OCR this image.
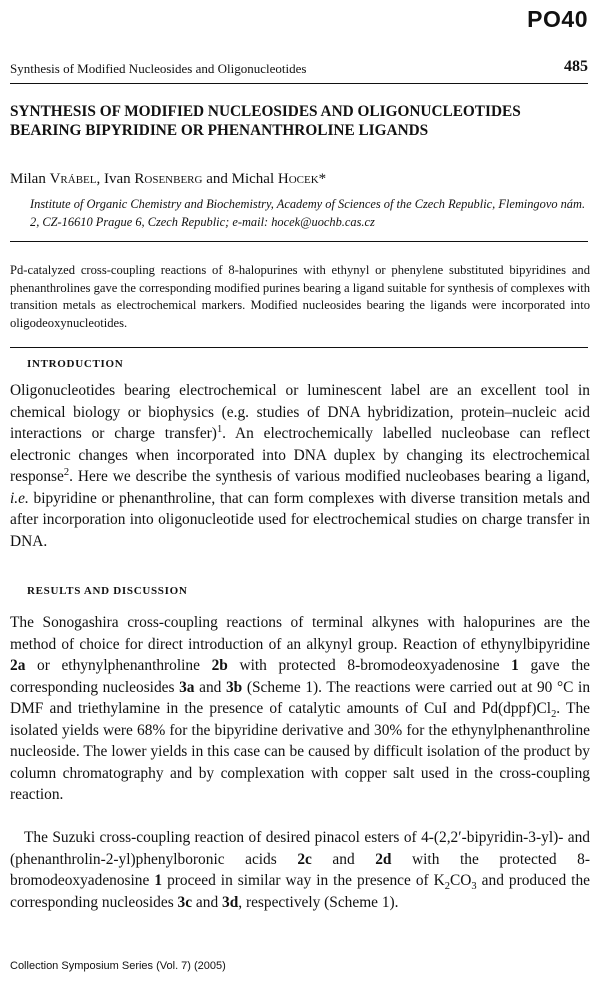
PO40
Synthesis of Modified Nucleosides and Oligonucleotides	485
SYNTHESIS OF MODIFIED NUCLEOSIDES AND OLIGONUCLEOTIDES BEARING BIPYRIDINE OR PHENANTHROLINE LIGANDS

Milan Vrábel, Ivan Rosenberg and Michal Hocek*

Institute of Organic Chemistry and Biochemistry, Academy of Sciences of the Czech Republic, Flemingovo nám. 2, CZ-16610 Prague 6, Czech Republic; e-mail: hocek@uochb.cas.cz

Pd-catalyzed cross-coupling reactions of 8-halopurines with ethynyl or phenylene substituted bipyridines and phenanthrolines gave the corresponding modified purines bearing a ligand suitable for synthesis of complexes with transition metals as electrochemical markers. Modified nucleosides bearing the ligands were incorporated into oligodeoxynucleotides.

INTRODUCTION

Oligonucleotides bearing electrochemical or luminescent label are an excellent tool in chemical biology or biophysics (e.g. studies of DNA hybridization, protein–nucleic acid interactions or charge transfer)$^1$. An electrochemically labelled nucleobase can reflect electronic changes when incorporated into DNA duplex by changing its electrochemical response$^2$. Here we describe the synthesis of various modified nucleobases bearing a ligand, i.e. bipyridine or phenanthroline, that can form complexes with diverse transition metals and after incorporation into oligonucleotide used for electrochemical studies on charge transfer in DNA.

RESULTS AND DISCUSSION

The Sonogashira cross-coupling reactions of terminal alkynes with halopurines are the method of choice for direct introduction of an alkynyl group. Reaction of ethynylbipyridine 2a or ethynylphenanthroline 2b with protected 8-bromodeoxyadenosine 1 gave the corresponding nucleosides 3a and 3b (Scheme 1). The reactions were carried out at 90 °C in DMF and triethylamine in the presence of catalytic amounts of CuI and $Pd(dppf)Cl_2$. The isolated yields were 68% for the bipyridine derivative and 30% for the ethynylphenanthroline nucleoside. The lower yields in this case can be caused by difficult isolation of the product by column chromatography and by complexation with copper salt used in the cross-coupling reaction.

The Suzuki cross-coupling reaction of desired pinacol esters of 4-(2,2′-bipyridin-3-yl)- and (phenanthrolin-2-yl)phenylboronic acids 2c and 2d with the protected 8-bromodeoxyadenosine 1 proceed in similar way in the presence of $K_2CO_3$ and produced the corresponding nucleosides 3c and 3d, respectively (Scheme 1).

Collection Symposium Series (Vol. 7) (2005)
